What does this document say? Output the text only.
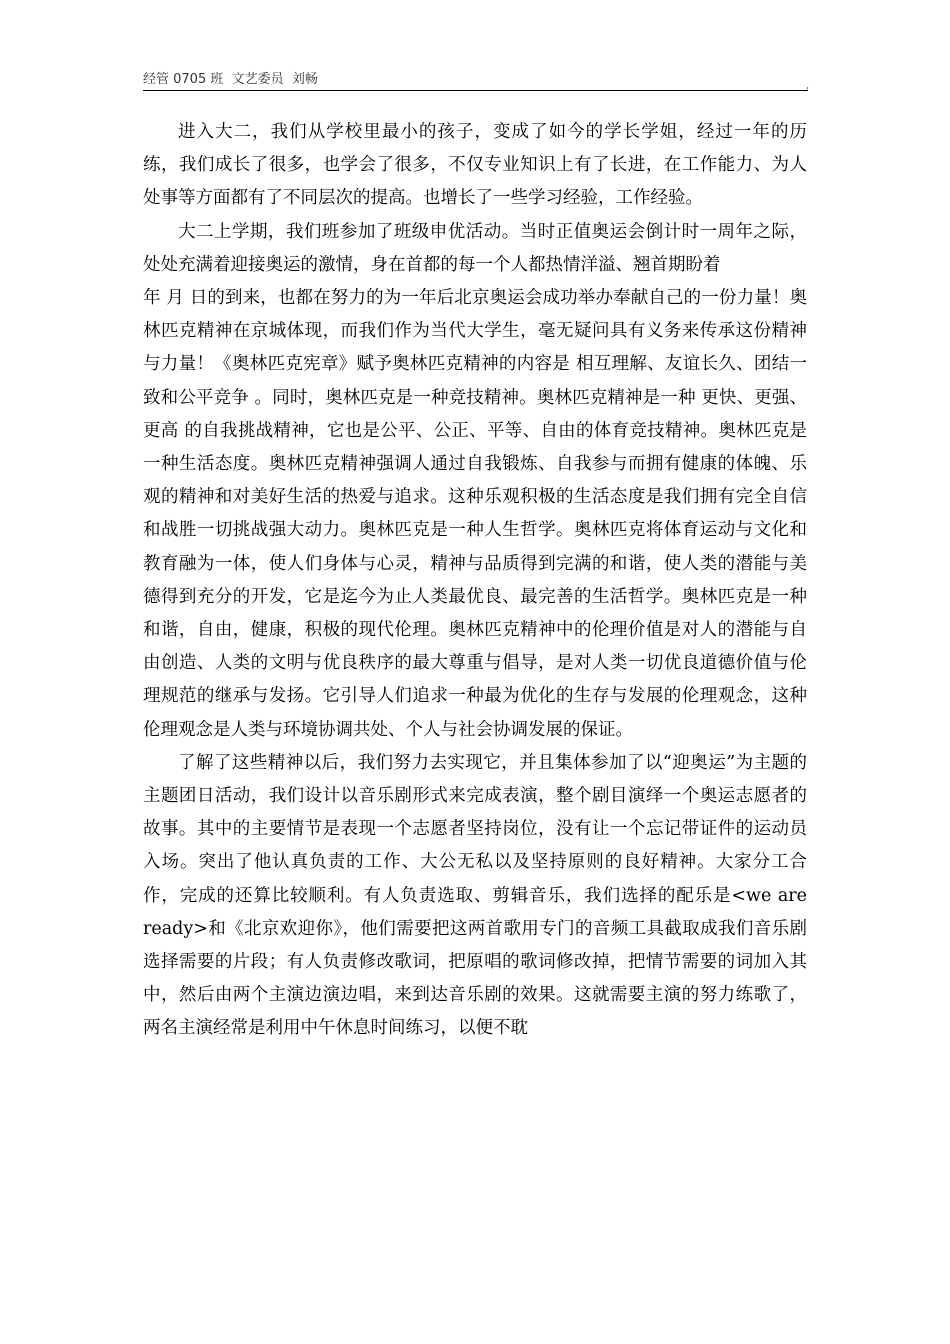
经管 0705 班  文艺委员  刘畅	,

进入大二，我们从学校里最小的孩子，变成了如今的学长学姐，经过一年的历练，我们成长了很多，也学会了很多，不仅专业知识上有了长进，在工作能力、为人处事等方面都有了不同层次的提高。也增长了一些学习经验，工作经验。

大二上学期，我们班参加了班级申优活动。当时正值奥运会倒计时一周年之际，处处充满着迎接奥运的激情，身在首都的每一个人都热情洋溢、翘首期盼着

年 月 日的到来，也都在努力的为一年后北京奥运会成功举办奉献自己的一份力量！奥林匹克精神在京城体现，而我们作为当代大学生，毫无疑问具有义务来传承这份精神与力量！《奥林匹克宪章》赋予奥林匹克精神的内容是 相互理解、友谊长久、团结一致和公平竞争 。同时，奥林匹克是一种竞技精神。奥林匹克精神是一种 更快、更强、更高 的自我挑战精神，它也是公平、公正、平等、自由的体育竞技精神。奥林匹克是一种生活态度。奥林匹克精神强调人通过自我锻炼、自我参与而拥有健康的体魄、乐观的精神和对美好生活的热爱与追求。这种乐观积极的生活态度是我们拥有完全自信和战胜一切挑战强大动力。奥林匹克是一种人生哲学。奥林匹克将体育运动与文化和教育融为一体，使人们身体与心灵，精神与品质得到完满的和谐，使人类的潜能与美德得到充分的开发，它是迄今为止人类最优良、最完善的生活哲学。奥林匹克是一种和谐，自由，健康，积极的现代伦理。奥林匹克精神中的伦理价值是对人的潜能与自由创造、人类的文明与优良秩序的最大尊重与倡导，是对人类一切优良道德价值与伦理规范的继承与发扬。它引导人们追求一种最为优化的生存与发展的伦理观念，这种伦理观念是人类与环境协调共处、个人与社会协调发展的保证。

了解了这些精神以后，我们努力去实现它，并且集体参加了以“迎奥运”为主题的主题团日活动，我们设计以音乐剧形式来完成表演，整个剧目演绎一个奥运志愿者的故事。其中的主要情节是表现一个志愿者坚持岗位，没有让一个忘记带证件的运动员入场。突出了他认真负责的工作、大公无私以及坚持原则的良好精神。大家分工合作，完成的还算比较顺利。有人负责选取、剪辑音乐，我们选择的配乐是<we are ready>和《北京欢迎你》，他们需要把这两首歌用专门的音频工具截取成我们音乐剧选择需要的片段；有人负责修改歌词，把原唱的歌词修改掉，把情节需要的词加入其中，然后由两个主演边演边唱，来到达音乐剧的效果。这就需要主演的努力练歌了，两名主演经常是利用中午休息时间练习，以便不耽
